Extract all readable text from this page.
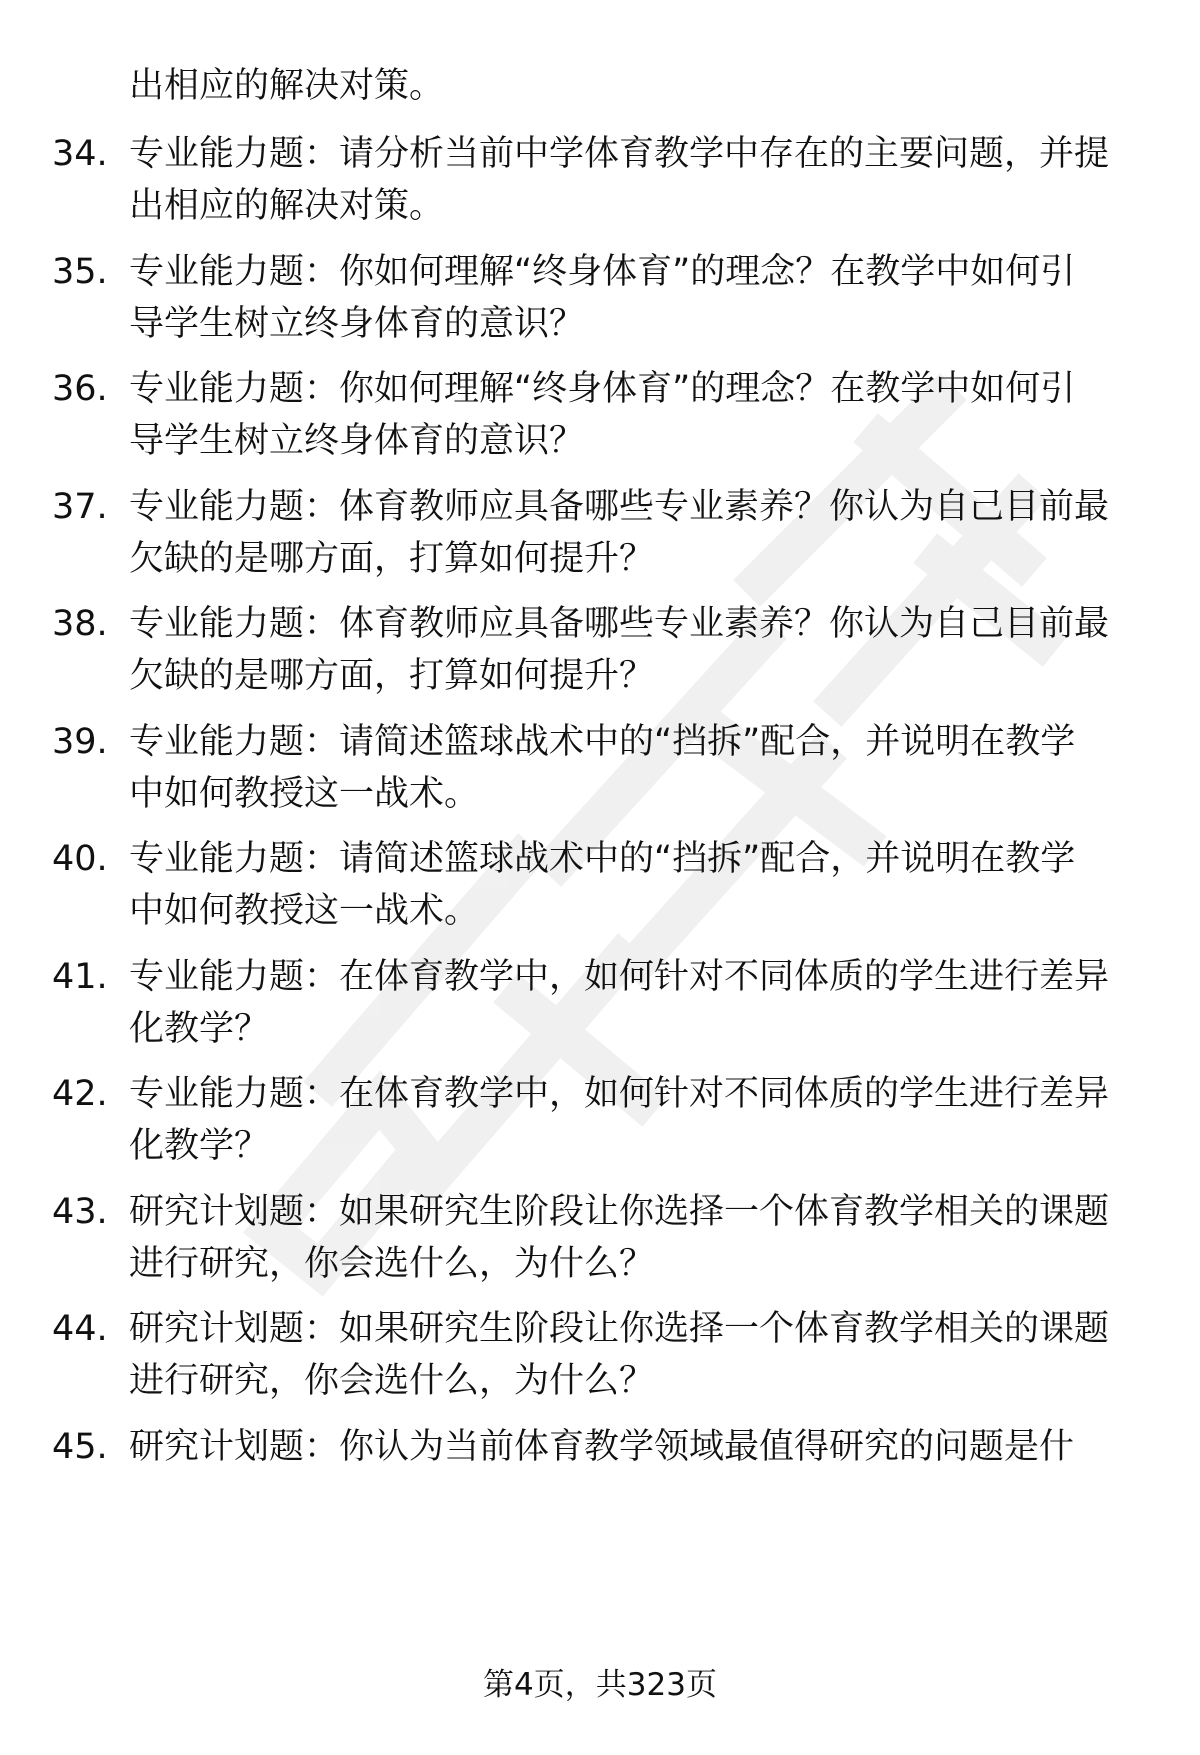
出相应的解决对策。
34. 专业能力题：请分析当前中学体育教学中存在的主要问题，并提
出相应的解决对策。
35. 专业能力题：你如何理解“终身体育”的理念？在教学中如何引
导学生树立终身体育的意识？
36. 专业能力题：你如何理解“终身体育”的理念？在教学中如何引
导学生树立终身体育的意识？
37. 专业能力题：体育教师应具备哪些专业素养？你认为自己目前最
欠缺的是哪方面，打算如何提升？
38. 专业能力题：体育教师应具备哪些专业素养？你认为自己目前最
欠缺的是哪方面，打算如何提升？
39. 专业能力题：请简述篮球战术中的“挡拆”配合，并说明在教学
中如何教授这一战术。
40. 专业能力题：请简述篮球战术中的“挡拆”配合，并说明在教学
中如何教授这一战术。
41. 专业能力题：在体育教学中，如何针对不同体质的学生进行差异
化教学？
42. 专业能力题：在体育教学中，如何针对不同体质的学生进行差异
化教学？
43. 研究计划题：如果研究生阶段让你选择一个体育教学相关的课题
进行研究，你会选什么，为什么？
44. 研究计划题：如果研究生阶段让你选择一个体育教学相关的课题
进行研究，你会选什么，为什么？
45. 研究计划题：你认为当前体育教学领域最值得研究的问题是什
第4页，共323页
